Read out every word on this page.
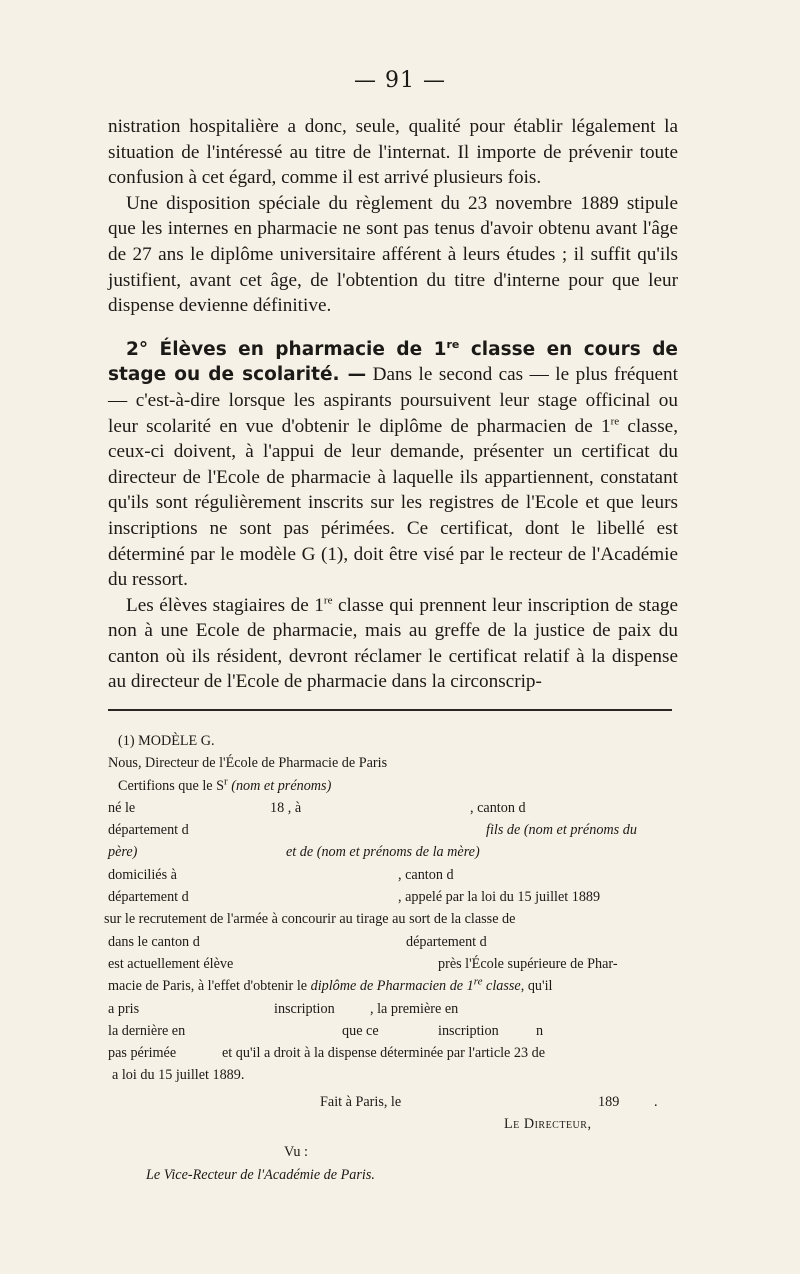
— 91 —

nistration hospitalière a donc, seule, qualité pour établir légalement la situation de l'intéressé au titre de l'internat. Il importe de prévenir toute confusion à cet égard, comme il est arrivé plusieurs fois.

Une disposition spéciale du règlement du 23 novembre 1889 stipule que les internes en pharmacie ne sont pas tenus d'avoir obtenu avant l'âge de 27 ans le diplôme universitaire afférent à leurs études ; il suffit qu'ils justifient, avant cet âge, de l'obtention du titre d'interne pour que leur dispense devienne définitive.

2° Élèves en pharmacie de 1re classe en cours de stage ou de scolarité. — Dans le second cas — le plus fréquent — c'est-à-dire lorsque les aspirants poursuivent leur stage officinal ou leur scolarité en vue d'obtenir le diplôme de pharmacien de 1re classe, ceux-ci doivent, à l'appui de leur demande, présenter un certificat du directeur de l'Ecole de pharmacie à laquelle ils appartiennent, constatant qu'ils sont régulièrement inscrits sur les registres de l'Ecole et que leurs inscriptions ne sont pas périmées. Ce certificat, dont le libellé est déterminé par le modèle G (1), doit être visé par le recteur de l'Académie du ressort.

Les élèves stagiaires de 1re classe qui prennent leur inscription de stage non à une Ecole de pharmacie, mais au greffe de la justice de paix du canton où ils résident, devront réclamer le certificat relatif à la dispense au directeur de l'Ecole de pharmacie dans la circonscrip-

(1) MODÈLE G.
Nous, Directeur de l'École de Pharmacie de Paris
Certifions que le $S^r$ (nom et prénoms)
né le	18 , à	, canton d
département d	fils de (nom et prénoms du
père)	et de (nom et prénoms de la mère)
domiciliés à	, canton d
département d	, appelé par la loi du 15 juillet 1889
sur le recrutement de l'armée à concourir au tirage au sort de la classe de
dans le canton d	département d
est actuellement élève	près l'École supérieure de Phar-
macie de Paris, à l'effet d'obtenir le diplôme de Pharmacien de 1re classe, qu'il
a pris	inscription , la première en
la dernière en	que ce	inscription	n
pas périmée	et qu'il a droit à la dispense déterminée par l'article 23 de
a loi du 15 juillet 1889.
Fait à Paris, le	189 .
Le Directeur,
Vu :
Le Vice-Recteur de l'Académie de Paris.
